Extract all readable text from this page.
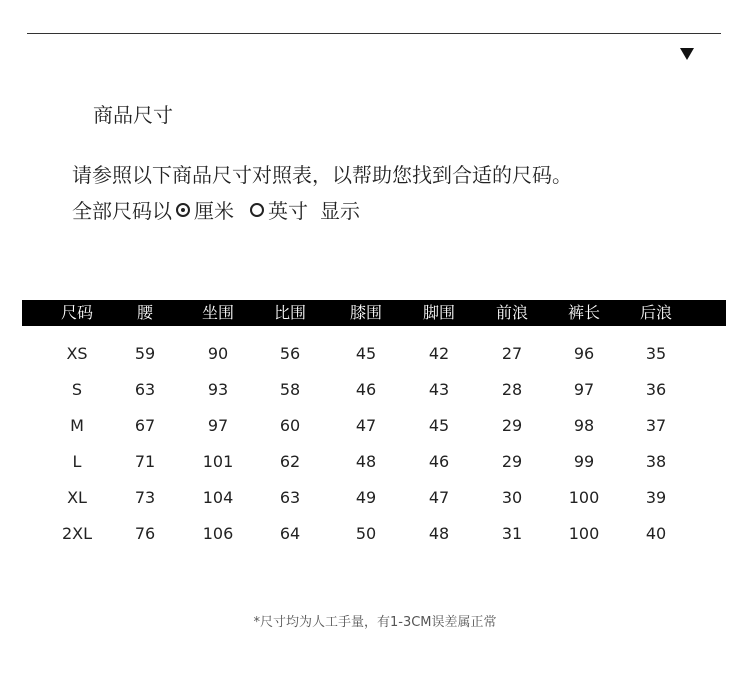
商品尺寸
请参照以下商品尺寸对照表，以帮助您找到合适的尺码。
全部尺码以 厘米 英寸 显示
尺码	腰	坐围	比围	膝围	脚围	前浪	裤长	后浪
XS	59	90	56	45	42	27	96	35
S	63	93	58	46	43	28	97	36
M	67	97	60	47	45	29	98	37
L	71	101	62	48	46	29	99	38
XL	73	104	63	49	47	30	100	39
2XL	76	106	64	50	48	31	100	40
*尺寸均为人工手量，有1-3CM误差属正常
